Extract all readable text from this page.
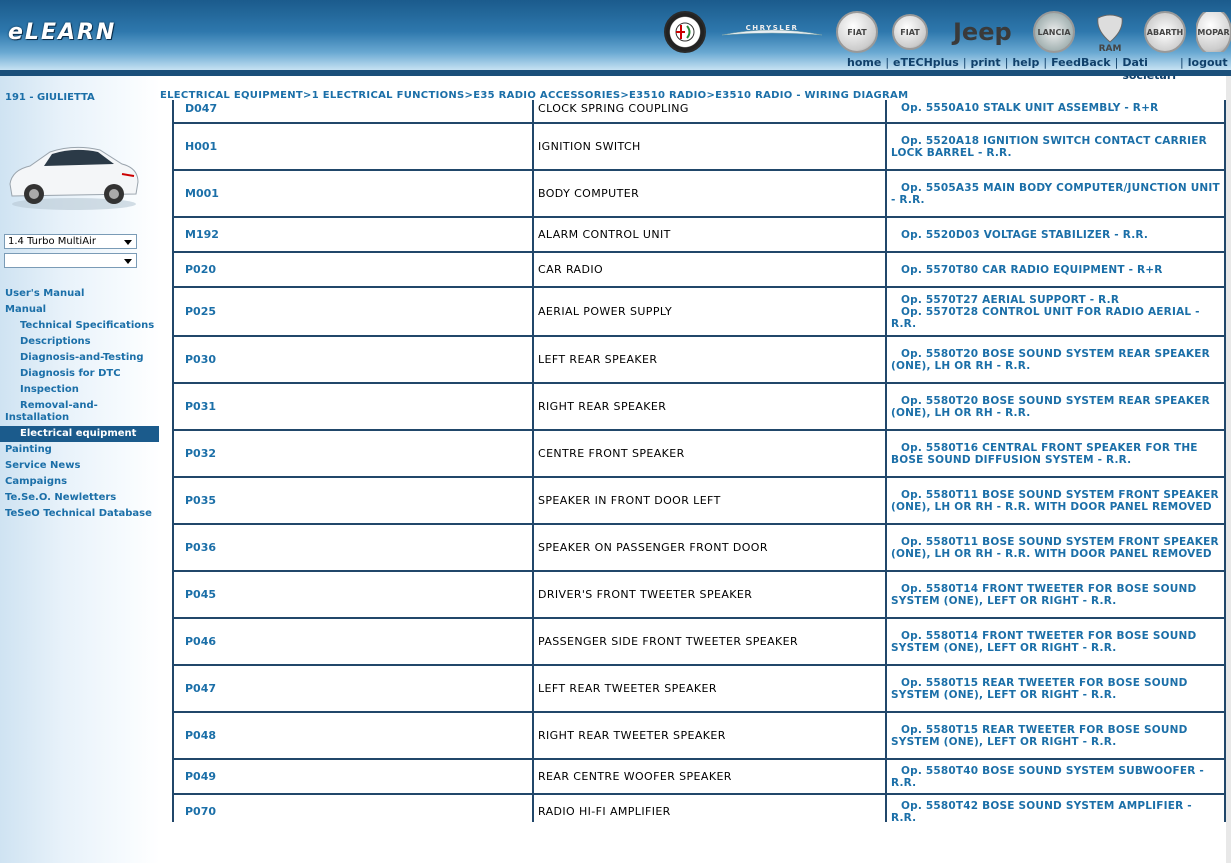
eLEARN	CHRYSLER	FIAT	FIAT	Jeep	LANCIA
RAM
ABARTH	MOPAR
home | eTECHplus | print | help | FeedBack | Dati	| logout
191 - GIULIETTA
1.4 Turbo MultiAir
User's Manual
Manual
Technical Specifications
Descriptions
Diagnosis-and-Testing
Diagnosis for DTC
Inspection
Removal-and-Installation
Electrical equipment
Painting
Service News
Campaigns
Te.Se.O. Newletters
TeSeO Technical Database
ELECTRICAL EQUIPMENT>1 ELECTRICAL FUNCTIONS>E35 RADIO ACCESSORIES>E3510 RADIO>E3510 RADIO - WIRING DIAGRAM
D047	CLOCK SPRING COUPLING	Op. 5550A10 STALK UNIT ASSEMBLY - R+R

H001	IGNITION SWITCH	Op. 5520A18 IGNITION SWITCH CONTACT CARRIER LOCK BARREL - R.R.

M001	BODY COMPUTER	Op. 5505A35 MAIN BODY COMPUTER/JUNCTION UNIT - R.R.

M192	ALARM CONTROL UNIT	Op. 5520D03 VOLTAGE STABILIZER - R.R.

P020	CAR RADIO	Op. 5570T80 CAR RADIO EQUIPMENT - R+R

P025	AERIAL POWER SUPPLY	Op. 5570T27 AERIAL SUPPORT - R.R
Op. 5570T28 CONTROL UNIT FOR RADIO AERIAL - R.R.

P030	LEFT REAR SPEAKER	Op. 5580T20 BOSE SOUND SYSTEM REAR SPEAKER (ONE), LH OR RH - R.R.

P031	RIGHT REAR SPEAKER	Op. 5580T20 BOSE SOUND SYSTEM REAR SPEAKER (ONE), LH OR RH - R.R.

P032	CENTRE FRONT SPEAKER	Op. 5580T16 CENTRAL FRONT SPEAKER FOR THE BOSE SOUND DIFFUSION SYSTEM - R.R.

P035	SPEAKER IN FRONT DOOR LEFT	Op. 5580T11 BOSE SOUND SYSTEM FRONT SPEAKER (ONE), LH OR RH - R.R. WITH DOOR PANEL REMOVED

P036	SPEAKER ON PASSENGER FRONT DOOR	Op. 5580T11 BOSE SOUND SYSTEM FRONT SPEAKER (ONE), LH OR RH - R.R. WITH DOOR PANEL REMOVED

P045	DRIVER'S FRONT TWEETER SPEAKER	Op. 5580T14 FRONT TWEETER FOR BOSE SOUND SYSTEM (ONE), LEFT OR RIGHT - R.R.

P046	PASSENGER SIDE FRONT TWEETER SPEAKER	Op. 5580T14 FRONT TWEETER FOR BOSE SOUND SYSTEM (ONE), LEFT OR RIGHT - R.R.

P047	LEFT REAR TWEETER SPEAKER	Op. 5580T15 REAR TWEETER FOR BOSE SOUND SYSTEM (ONE), LEFT OR RIGHT - R.R.

P048	RIGHT REAR TWEETER SPEAKER	Op. 5580T15 REAR TWEETER FOR BOSE SOUND SYSTEM (ONE), LEFT OR RIGHT - R.R.

P049	REAR CENTRE WOOFER SPEAKER	Op. 5580T40 BOSE SOUND SYSTEM SUBWOOFER - R.R.

P070	RADIO HI-FI AMPLIFIER	Op. 5580T42 BOSE SOUND SYSTEM AMPLIFIER - R.R.
